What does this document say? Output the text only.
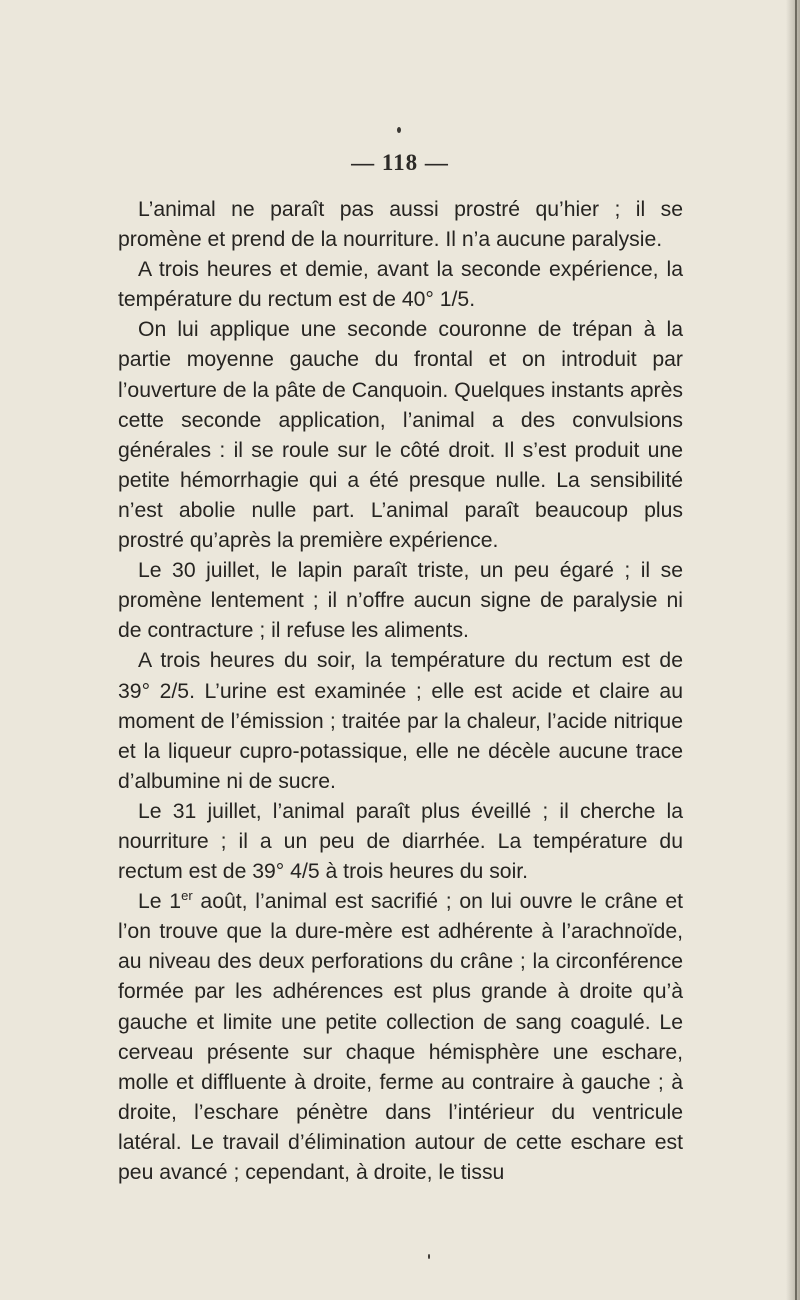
— 118 —

L’animal ne paraît pas aussi prostré qu’hier ; il se promène et prend de la nourriture. Il n’a aucune paralysie.

A trois heures et demie, avant la seconde expérience, la température du rectum est de 40° 1/5.

On lui applique une seconde couronne de trépan à la partie moyenne gauche du frontal et on introduit par l’ouverture de la pâte de Canquoin. Quelques instants après cette seconde application, l’animal a des convulsions générales : il se roule sur le côté droit. Il s’est produit une petite hémorrhagie qui a été presque nulle. La sensibilité n’est abolie nulle part. L’animal paraît beaucoup plus prostré qu’après la première expérience.

Le 30 juillet, le lapin paraît triste, un peu égaré ; il se promène lentement ; il n’offre aucun signe de paralysie ni de contracture ; il refuse les aliments.

A trois heures du soir, la température du rectum est de 39° 2/5. L’urine est examinée ; elle est acide et claire au moment de l’émission ; traitée par la chaleur, l’acide nitrique et la liqueur cupro-potassique, elle ne décèle aucune trace d’albumine ni de sucre.

Le 31 juillet, l’animal paraît plus éveillé ; il cherche la nourriture ; il a un peu de diarrhée. La température du rectum est de 39° 4/5 à trois heures du soir.

Le 1er août, l’animal est sacrifié ; on lui ouvre le crâne et l’on trouve que la dure-mère est adhérente à l’arachnoïde, au niveau des deux perforations du crâne ; la circonférence formée par les adhérences est plus grande à droite qu’à gauche et limite une petite collection de sang coagulé. Le cerveau présente sur chaque hémisphère une eschare, molle et diffluente à droite, ferme au contraire à gauche ; à droite, l’eschare pénètre dans l’intérieur du ventricule latéral. Le travail d’élimination autour de cette eschare est peu avancé ; cependant, à droite, le tissu
